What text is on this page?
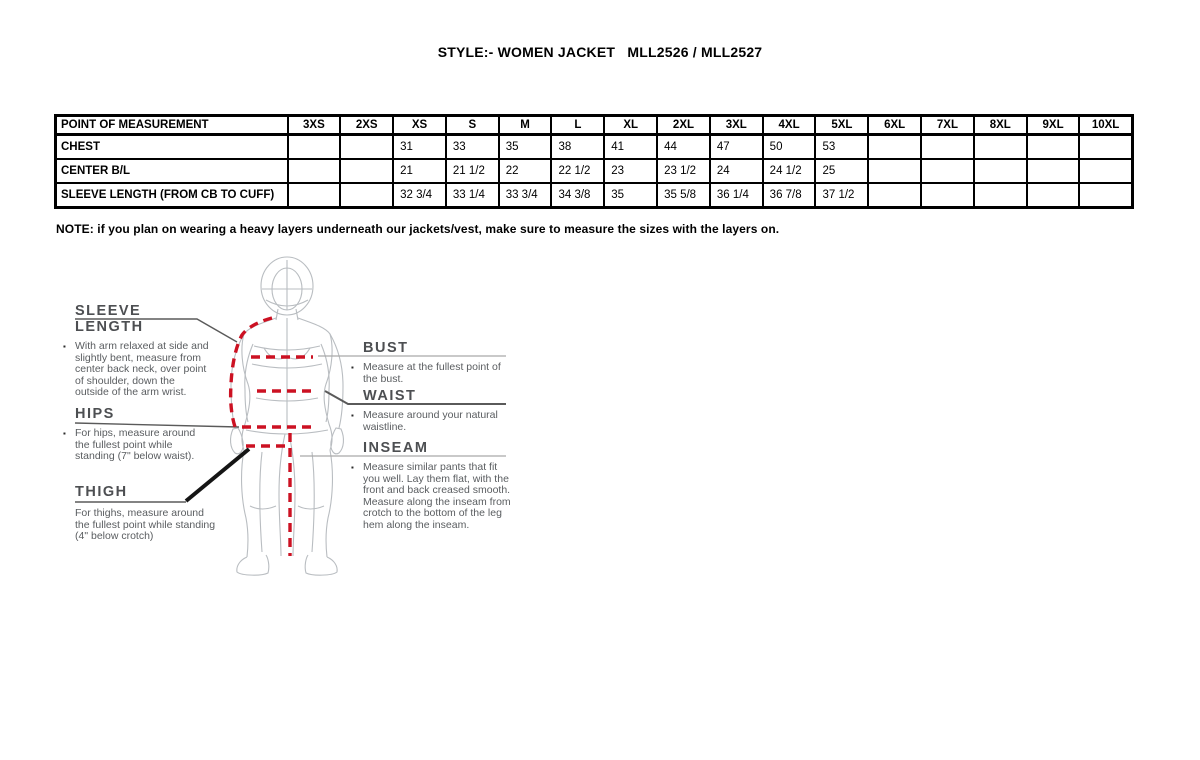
STYLE:- WOMEN JACKET   MLL2526 / MLL2527
POINT OF MEASUREMENT	3XS	2XS	XS	S	M	L	XL	2XL	3XL	4XL	5XL	6XL	7XL	8XL	9XL	10XL
CHEST			31	33	35	38	41	44	47	50	53					
CENTER B/L			21	21 1/2	22	22 1/2	23	23 1/2	24	24 1/2	25					
SLEEVE LENGTH (FROM CB TO CUFF)			32 3/4	33 1/4	33 3/4	34 3/8	35	35 5/8	36 1/4	36 7/8	37 1/2					
NOTE: if you plan on wearing a heavy layers underneath our jackets/vest, make sure to measure the sizes with the layers on.
SLEEVE LENGTH
▪ With arm relaxed at side and slightly bent, measure from center back neck, over point of shoulder, down the outside of the arm wrist.
HIPS
▪ For hips, measure around the fullest point while standing (7" below waist).
THIGH
For thighs, measure around the fullest point while standing (4" below crotch)
BUST
▪ Measure at the fullest point of the bust.
WAIST
▪ Measure around your natural waistline.
INSEAM
▪ Measure similar pants that fit you well. Lay them flat, with the front and back creased smooth. Measure along the inseam from crotch to the bottom of the leg hem along the inseam.
